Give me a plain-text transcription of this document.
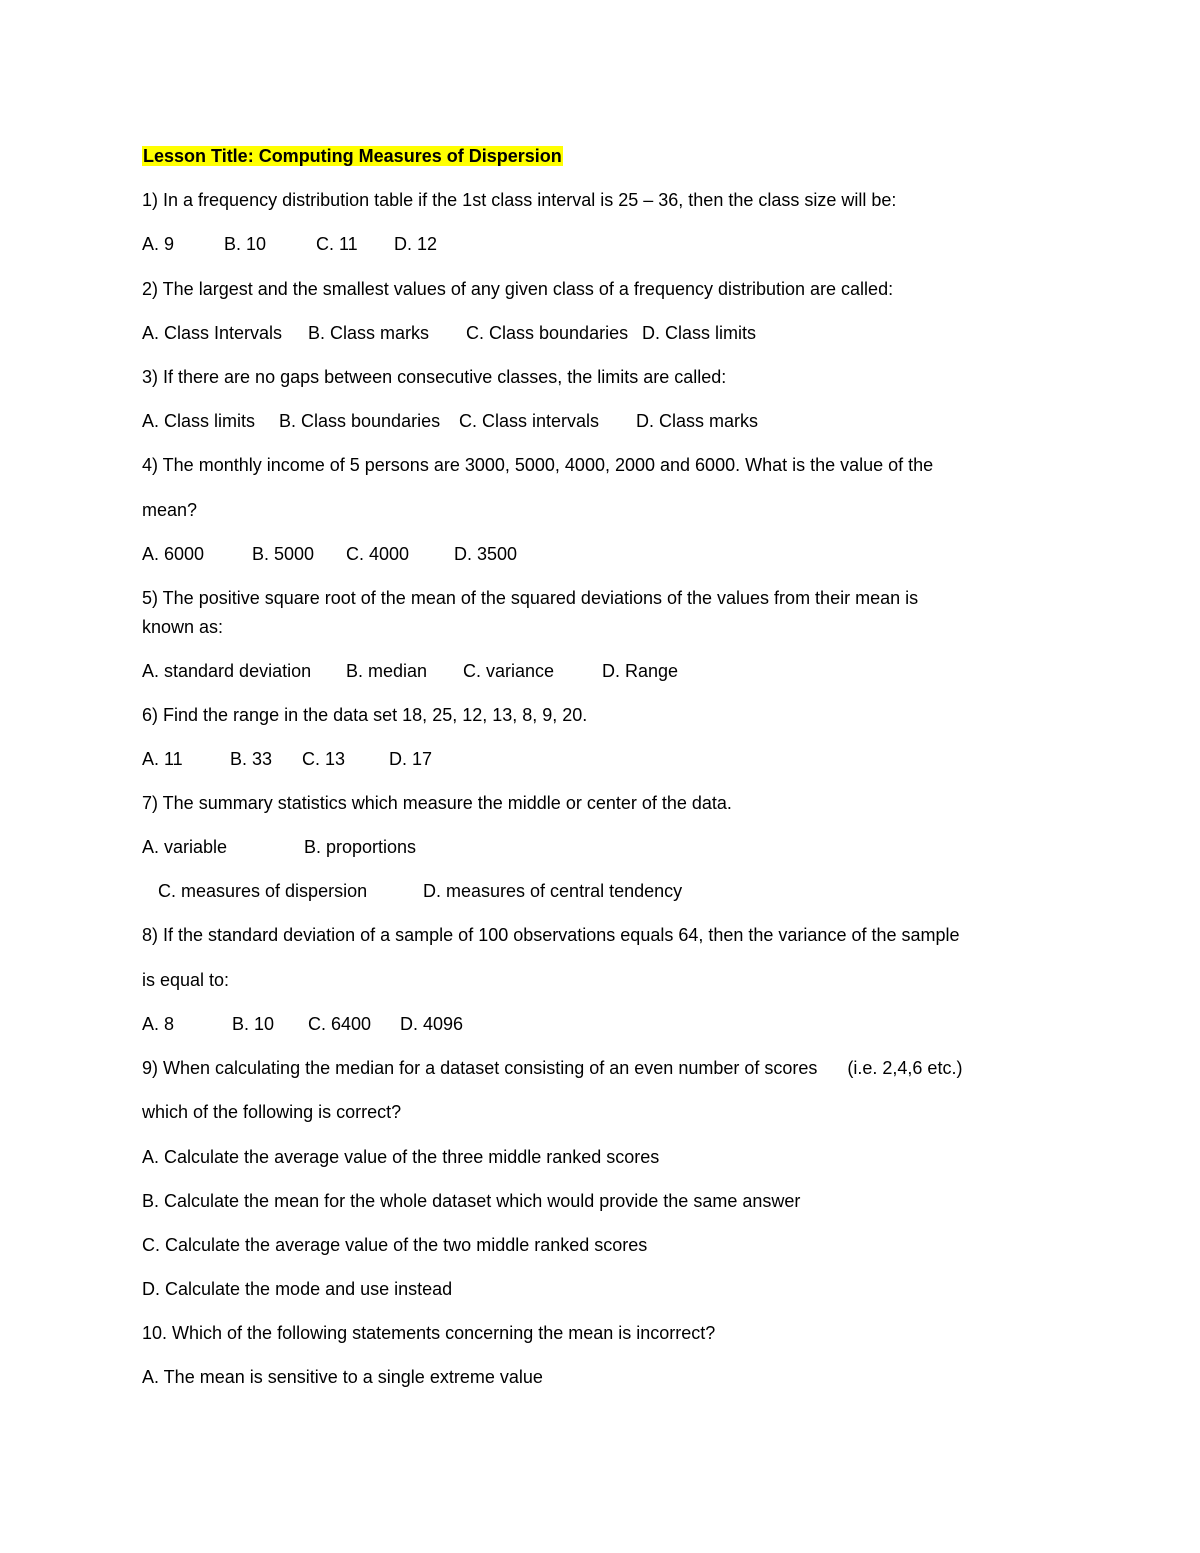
Lesson Title: Computing Measures of Dispersion
1) In a frequency distribution table if the 1st class interval is 25 – 36, then the class size will be:
A. 9	B. 10	C. 11 D. 12
2) The largest and the smallest values of any given class of a frequency distribution are called:
A. Class Intervals B. Class marks C. Class boundaries D. Class limits
3) If there are no gaps between consecutive classes, the limits are called:
A. Class limits B. Class boundaries C. Class intervals D. Class marks
4) The monthly income of 5 persons are 3000, 5000, 4000, 2000 and 6000. What is the value of the
mean?
A. 6000	B. 5000 C. 4000 D. 3500
5) The positive square root of the mean of the squared deviations of the values from their mean is
known as:
A. standard deviation B. median C. variance	D. Range
6) Find the range in the data set 18, 25, 12, 13, 8, 9, 20.
A. 11	B. 33 C. 13 D. 17
7) The summary statistics which measure the middle or center of the data.
A. variable	B. proportions
C. measures of dispersion	D. measures of central tendency
8) If the standard deviation of a sample of 100 observations equals 64, then the variance of the sample
is equal to:
A. 8	B. 10 C. 6400 D. 4096
9) When calculating the median for a dataset consisting of an even number of scores (i.e. 2,4,6 etc.)
which of the following is correct?
A. Calculate the average value of the three middle ranked scores
B. Calculate the mean for the whole dataset which would provide the same answer
C. Calculate the average value of the two middle ranked scores
D. Calculate the mode and use instead
10. Which of the following statements concerning the mean is incorrect?
A. The mean is sensitive to a single extreme value
